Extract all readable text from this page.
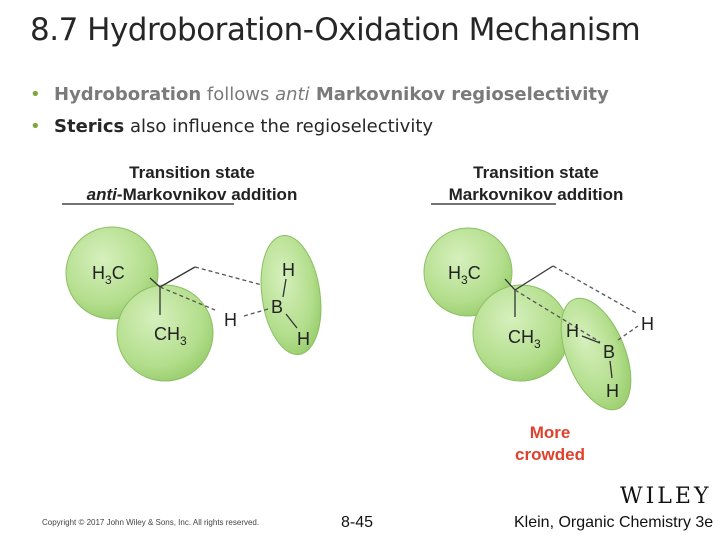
8.7 Hydroboration-Oxidation Mechanism
• Hydroboration follows anti Markovnikov regioselectivity
• Sterics also influence the regioselectivity
Transition state
anti-Markovnikov addition
$H_3C$
$CH_3$
H
H
B
H
Transition state
Markovnikov addition
$H_3C$
$CH_3$
H	H
B
H
More
crowded
WILEY
Copyright © 2017 John Wiley & Sons, Inc. All rights reserved.	8-45	Klein, Organic Chemistry 3e
